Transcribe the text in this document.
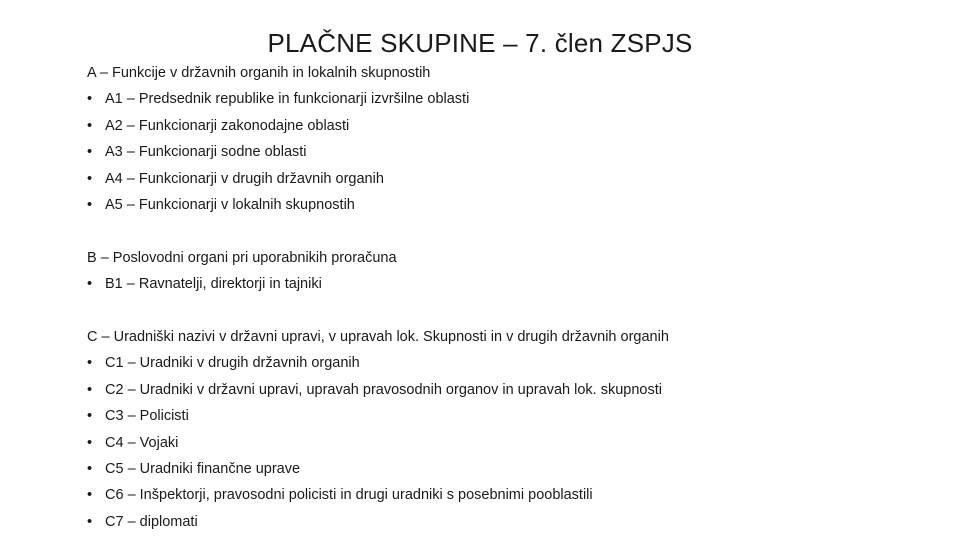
PLAČNE SKUPINE – 7. člen ZSPJS

A – Funkcije v državnih organih in lokalnih skupnostih

• A1 – Predsednik republike in funkcionarji izvršilne oblasti
• A2 – Funkcionarji zakonodajne oblasti
• A3 – Funkcionarji sodne oblasti
• A4 – Funkcionarji v drugih državnih organih
• A5 – Funkcionarji v lokalnih skupnostih

B – Poslovodni organi pri uporabnikih proračuna

• B1 – Ravnatelji, direktorji in tajniki

C – Uradniški nazivi v državni upravi, v upravah lok. Skupnosti in v drugih državnih organih

• C1 – Uradniki v drugih državnih organih
• C2 – Uradniki v državni upravi, upravah pravosodnih organov in upravah lok. skupnosti
• C3 – Policisti
• C4 – Vojaki
• C5 – Uradniki finančne uprave
• C6 – Inšpektorji, pravosodni policisti in drugi uradniki s posebnimi pooblastili
• C7 – diplomati
